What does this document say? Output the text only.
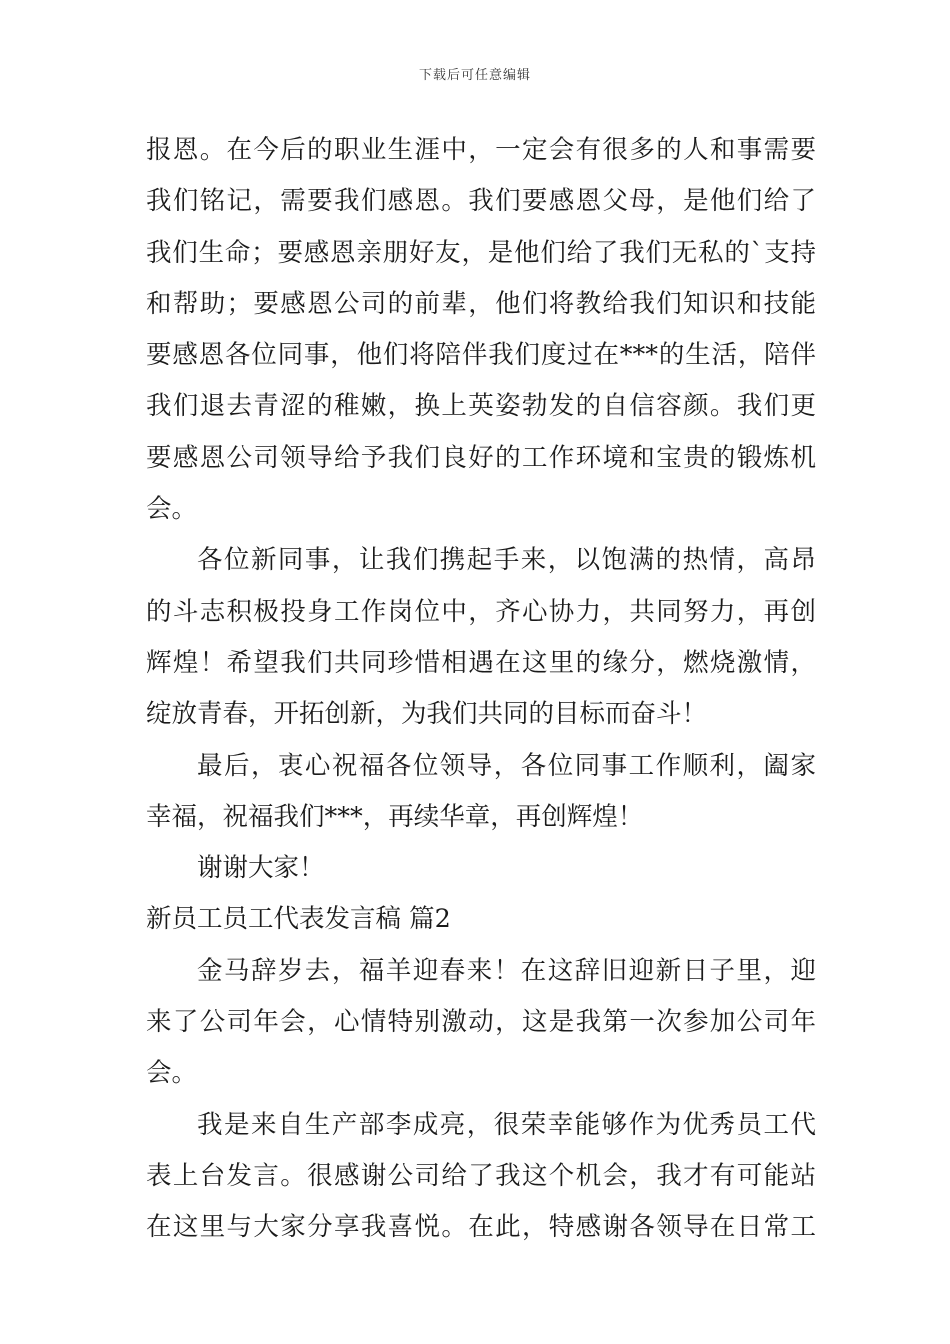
下载后可任意编辑
报恩。在今后的职业生涯中，一定会有很多的人和事需要
我们铭记，需要我们感恩。我们要感恩父母，是他们给了
我们生命；要感恩亲朋好友，是他们给了我们无私的`支持
和帮助；要感恩公司的前辈，他们将教给我们知识和技能
要感恩各位同事，他们将陪伴我们度过在***的生活，陪伴
我们退去青涩的稚嫩，换上英姿勃发的自信容颜。我们更
要感恩公司领导给予我们良好的工作环境和宝贵的锻炼机
会。
各位新同事，让我们携起手来，以饱满的热情，高昂
的斗志积极投身工作岗位中，齐心协力，共同努力，再创
辉煌！希望我们共同珍惜相遇在这里的缘分，燃烧激情，
绽放青春，开拓创新，为我们共同的目标而奋斗！
最后，衷心祝福各位领导，各位同事工作顺利，阖家
幸福，祝福我们***，再续华章，再创辉煌！
谢谢大家！
新员工员工代表发言稿 篇2
金马辞岁去，福羊迎春来！在这辞旧迎新日子里，迎
来了公司年会，心情特别激动，这是我第一次参加公司年
会。
我是来自生产部李成亮，很荣幸能够作为优秀员工代
表上台发言。很感谢公司给了我这个机会，我才有可能站
在这里与大家分享我喜悦。在此，特感谢各领导在日常工
